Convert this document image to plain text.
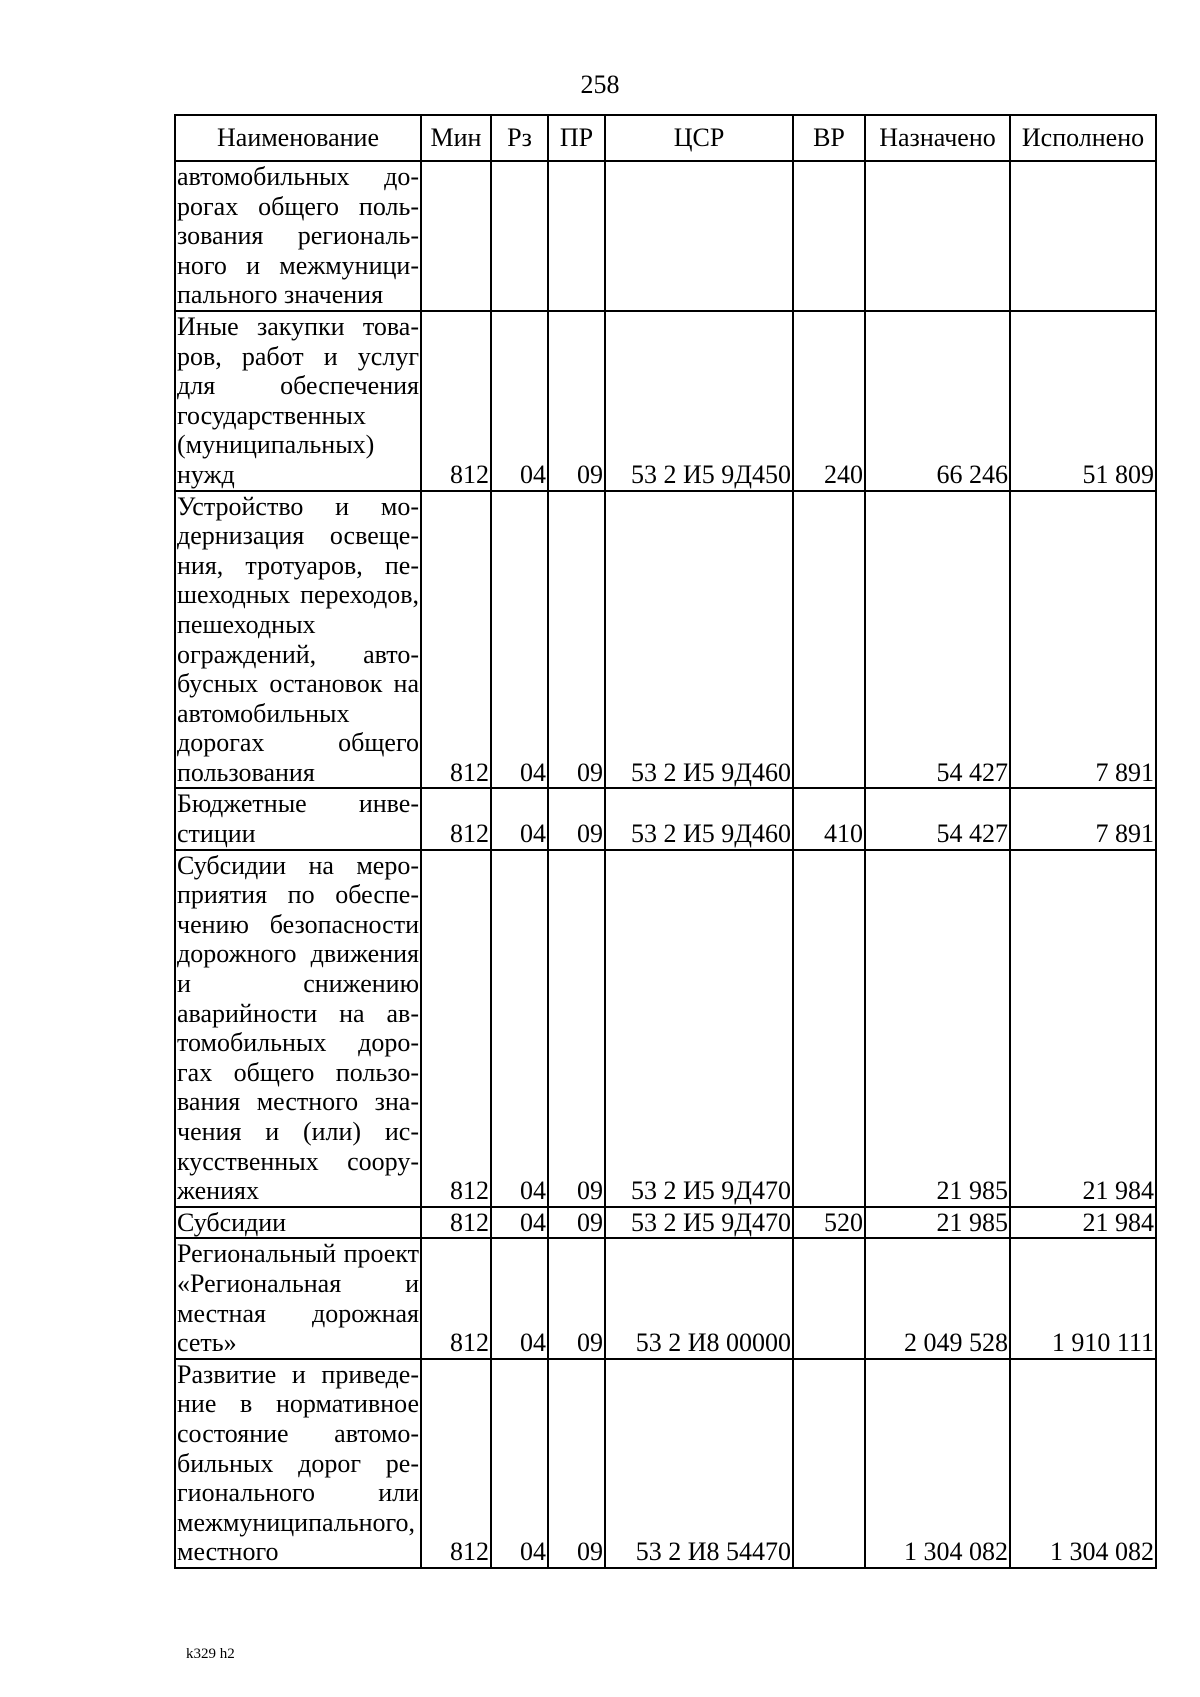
258
Наименование	Мин	Рз	ПР	ЦСР	ВР	Назначено	Исполнено
автомобильных дорогах общего пользования регионального и межмуниципального значения							
Иные закупки товаров, работ и услуг для обеспечения государственных (муниципальных) нужд	812	04	09	53 2 И5 9Д450	240	66 246	51 809
Устройство и модернизация освещения, тротуаров, пешеходных переходов, пешеходных ограждений, автобусных остановок на автомобильных дорогах общего пользования	812	04	09	53 2 И5 9Д460		54 427	7 891
Бюджетные инвестиции	812	04	09	53 2 И5 9Д460	410	54 427	7 891
Субсидии на мероприятия по обеспечению безопасности дорожного движения и снижению аварийности на автомобильных дорогах общего пользования местного значения и (или) искусственных сооружениях	812	04	09	53 2 И5 9Д470		21 985	21 984
Субсидии	812	04	09	53 2 И5 9Д470	520	21 985	21 984
Региональный проект «Региональная и местная дорожная сеть»	812	04	09	53 2 И8 00000		2 049 528	1 910 111
Развитие и приведение в нормативное состояние автомобильных дорог регионального или межмуниципального, местного	812	04	09	53 2 И8 54470		1 304 082	1 304 082
k329 h2
